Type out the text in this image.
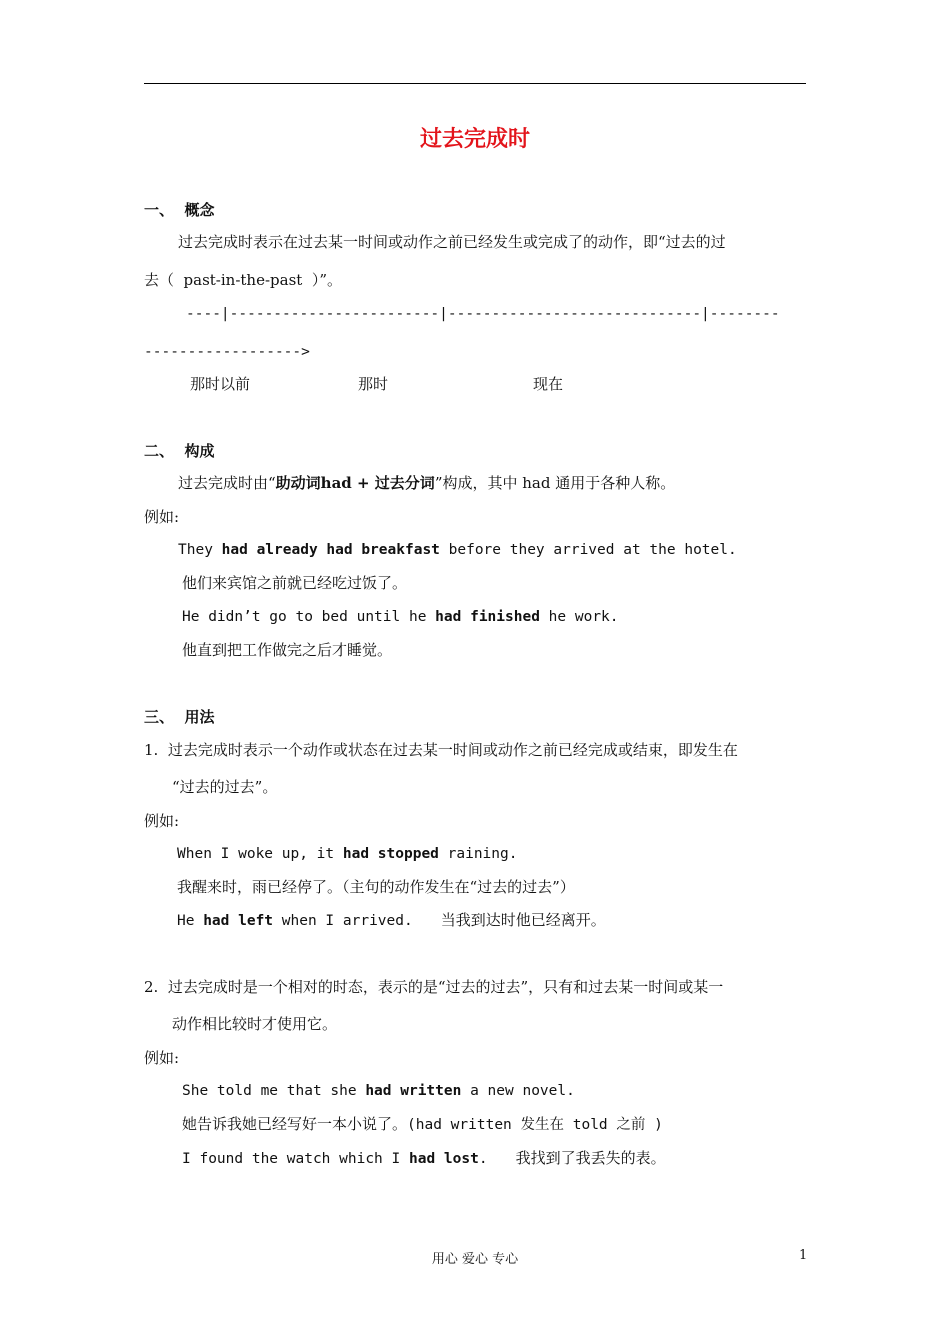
过去完成时
一、  概念
过去完成时表示在过去某一时间或动作之前已经发生或完成了的动作，即“过去的过
去（  past-in-the-past  ）”。
----|------------------------|-----------------------------|--------
------------------>
那时以前	那时	现在
二、  构成
过去完成时由“助动词had + 过去分词”构成，其中 had 通用于各种人称。
例如:
They had already had breakfast before they arrived at the hotel.
他们来宾馆之前就已经吃过饭了。
He didn’t go to bed until he had finished he work.
他直到把工作做完之后才睡觉。
三、  用法
1.  过去完成时表示一个动作或状态在过去某一时间或动作之前已经完成或结束，即发生在
“过去的过去”。
例如:
When I woke up, it had stopped raining.
我醒来时，雨已经停了。（主句的动作发生在“过去的过去”）
He had left when I arrived. 当我到达时他已经离开。
2.  过去完成时是一个相对的时态，表示的是“过去的过去”，只有和过去某一时间或某一
动作相比较时才使用它。
例如:
She told me that she had written a new novel.
她告诉我她已经写好一本小说了。(had written 发生在 told 之前 )
I found the watch which I had lost. 我找到了我丢失的表。
用心 爱心 专心	1
